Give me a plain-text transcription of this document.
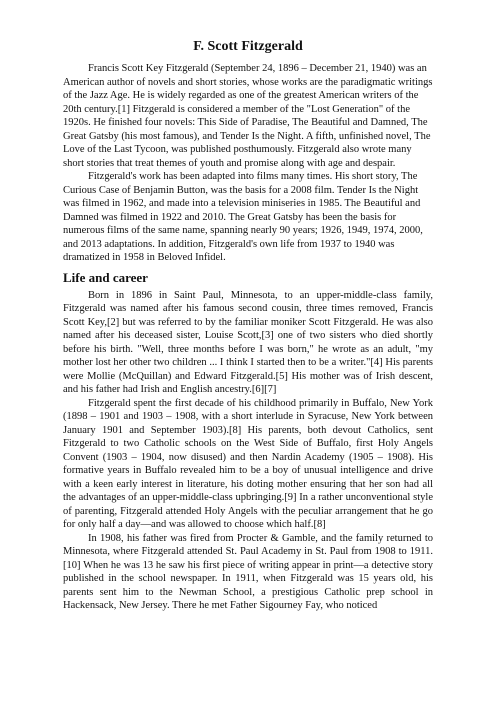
F. Scott Fitzgerald

Francis Scott Key Fitzgerald (September 24, 1896 – December 21, 1940) was an American author of novels and short stories, whose works are the paradigmatic writings of the Jazz Age. He is widely regarded as one of the greatest American writers of the 20th century.[1] Fitzgerald is considered a member of the "Lost Generation" of the 1920s. He finished four novels: This Side of Paradise, The Beautiful and Damned, The Great Gatsby (his most famous), and Tender Is the Night. A fifth, unfinished novel, The Love of the Last Tycoon, was published posthumously. Fitzgerald also wrote many short stories that treat themes of youth and promise along with age and despair.

Fitzgerald's work has been adapted into films many times. His short story, The Curious Case of Benjamin Button, was the basis for a 2008 film. Tender Is the Night was filmed in 1962, and made into a television miniseries in 1985. The Beautiful and Damned was filmed in 1922 and 2010. The Great Gatsby has been the basis for numerous films of the same name, spanning nearly 90 years; 1926, 1949, 1974, 2000, and 2013 adaptations. In addition, Fitzgerald's own life from 1937 to 1940 was dramatized in 1958 in Beloved Infidel.

Life and career

Born in 1896 in Saint Paul, Minnesota, to an upper-middle-class family, Fitzgerald was named after his famous second cousin, three times removed, Francis Scott Key,[2] but was referred to by the familiar moniker Scott Fitzgerald. He was also named after his deceased sister, Louise Scott,[3] one of two sisters who died shortly before his birth. "Well, three months before I was born," he wrote as an adult, "my mother lost her other two children ... I think I started then to be a writer."[4] His parents were Mollie (McQuillan) and Edward Fitzgerald.[5] His mother was of Irish descent, and his father had Irish and English ancestry.[6][7]

Fitzgerald spent the first decade of his childhood primarily in Buffalo, New York (1898 – 1901 and 1903 – 1908, with a short interlude in Syracuse, New York between January 1901 and September 1903).[8] His parents, both devout Catholics, sent Fitzgerald to two Catholic schools on the West Side of Buffalo, first Holy Angels Convent (1903 – 1904, now disused) and then Nardin Academy (1905 – 1908). His formative years in Buffalo revealed him to be a boy of unusual intelligence and drive with a keen early interest in literature, his doting mother ensuring that her son had all the advantages of an upper-middle-class upbringing.[9] In a rather unconventional style of parenting, Fitzgerald attended Holy Angels with the peculiar arrangement that he go for only half a day—and was allowed to choose which half.[8]

In 1908, his father was fired from Procter & Gamble, and the family returned to Minnesota, where Fitzgerald attended St. Paul Academy in St. Paul from 1908 to 1911.[10] When he was 13 he saw his first piece of writing appear in print—a detective story published in the school newspaper. In 1911, when Fitzgerald was 15 years old, his parents sent him to the Newman School, a prestigious Catholic prep school in Hackensack, New Jersey. There he met Father Sigourney Fay, who noticed
